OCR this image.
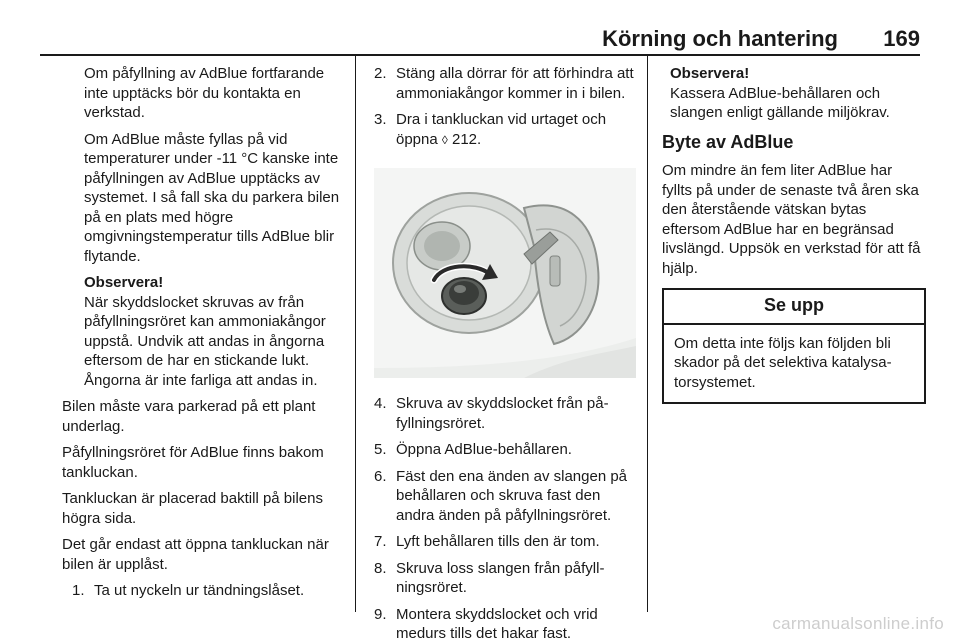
Körning och hantering 169
Om påfyllning av AdBlue fortfarande inte upptäcks bör du kontakta en verkstad.
Om AdBlue måste fyllas på vid temperaturer under -11 °C kanske inte påfyllningen av AdBlue upptäcks av systemet. I så fall ska du parkera bilen på en plats med högre omgivningstemperatur tills AdBlue blir flytande.
Observera!
När skyddslocket skruvas av från påfyllningsröret kan ammoniakångor uppstå. Undvik att andas in ångorna eftersom de har en stickande lukt. Ångorna är inte farliga att andas in.
Bilen måste vara parkerad på ett plant underlag.
Påfyllningsröret för AdBlue finns bakom tankluckan.
Tankluckan är placerad baktill på bilens högra sida.
Det går endast att öppna tankluckan när bilen är upplåst.
1. Ta ut nyckeln ur tändningslåset.
2. Stäng alla dörrar för att förhindra att ammoniakångor kommer in i bilen.
3. Dra i tankluckan vid urtaget och öppna ◊ 212.
4. Skruva av skyddslocket från påfyllningsröret.
5. Öppna AdBlue-behållaren.
6. Fäst den ena änden av slangen på behållaren och skruva fast den andra änden på påfyllningsröret.
7. Lyft behållaren tills den är tom.
8. Skruva loss slangen från påfyllningsröret.
9. Montera skyddslocket och vrid medurs tills det hakar fast.
Observera!
Kassera AdBlue-behållaren och slangen enligt gällande miljökrav.
Byte av AdBlue
Om mindre än fem liter AdBlue har fyllts på under de senaste två åren ska den återstående vätskan bytas eftersom AdBlue har en begränsad livslängd. Uppsök en verkstad för att få hjälp.
Se upp
Om detta inte följs kan följden bli skador på det selektiva katalysatorsystemet.
carmanualsonline.info
